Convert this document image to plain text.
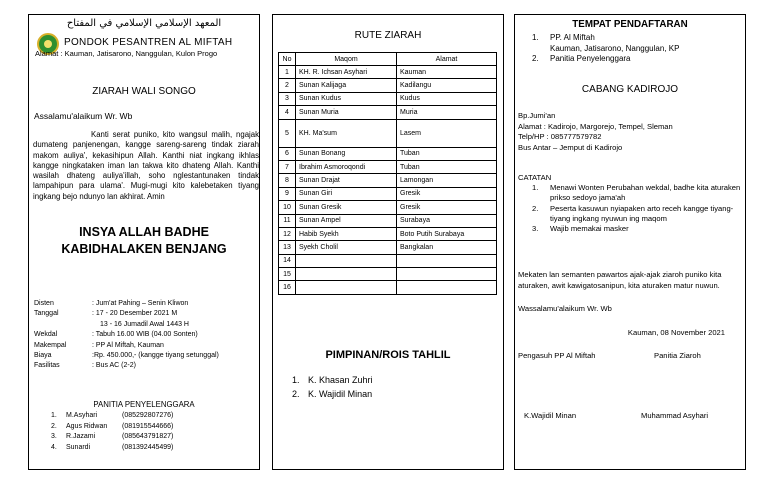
المعهد الإسلامي الإسلامي في المفتاح
PONDOK PESANTREN AL MIFTAH
Alamat : Kauman, Jatisarono, Nanggulan, Kulon Progo
ZIARAH WALI SONGO
Assalamu'alaikum Wr. Wb
Kanti serat puniko, kito wangsul malih, ngajak dumateng panjenengan, kangge sareng-sareng tindak ziarah makom auliya', kekasihipun Allah. Kanthi niat ingkang ikhlas kangge ningkataken iman lan takwa kito dhateng Allah. Kanthi wasilah dhateng auliya'illah, soho nglestantunaken tindak lampahipun para ulama'. Mugi-mugi kito kalebetaken tiyang ingkang bejo ndunyo lan akhirat. Amin
INSYA ALLAH BADHE
KABIDHALAKEN BENJANG
Disten	: Jum'at Pahing – Senin Kliwon
Tanggal	: 17 - 20 Desember 2021 M
13 - 16 Jumadil Awal 1443 H
Wekdal	: Tabuh 16.00 WIB (04.00 Sonten)
Makempal	: PP Al Miftah, Kauman
Biaya	:Rp. 450.000,- (kangge tiyang setunggal)
Fasilitas	: Bus AC (2-2)
PANITIA PENYELENGGARA
1.	M.Asyhari	(085292807276)
2.	Agus Ridwan	(081915544666)
3.	R.Jazami	(085643791827)
4.	Sunardi	(081392445499)
RUTE ZIARAH
No	Maqom	Alamat
1	KH. R. Ichsan Asyhari	Kauman
2	Sunan Kalijaga	Kadilangu
3	Sunan Kudus	Kudus
4	Sunan Muria	Muria
5	KH. Ma'sum	Lasem
6	Sunan Bonang	Tuban
7	Ibrahim Asmoroqondi	Tuban
8	Sunan Drajat	Lamongan
9	Sunan Giri	Gresik
10	Sunan Gresik	Gresik
11	Sunan Ampel	Surabaya
12	Habib Syekh	Boto Putih Surabaya
13	Syekh Cholil	Bangkalan
14		
15		
16		
PIMPINAN/ROIS TAHLIL
1. K. Khasan Zuhri
2. K. Wajidil Minan
TEMPAT PENDAFTARAN
1.	PP. Al Miftah
Kauman, Jatisarono, Nanggulan, KP
2.	Panitia Penyelenggara
CABANG KADIROJO
Bp.Jumi'an
Alamat : Kadirojo, Margorejo, Tempel, Sleman
Telp/HP : 085777579782
Bus Antar – Jemput di Kadirojo
CATATAN
1.	Menawi Wonten Perubahan wekdal, badhe kita aturaken prikso sedoyo jama'ah
2.	Peserta kasuwun nyiapaken arto receh kangge tiyang-tiyang ingkang nyuwun ing maqom
3.	Wajib memakai masker
Mekaten lan semanten pawartos ajak-ajak ziaroh puniko kita aturaken, awit kawigatosanipun, kita aturaken matur nuwun.
Wassalamu'alaikum Wr. Wb
Kauman, 08 November 2021
Pengasuh PP Al Miftah	Panitia Ziaroh
K.Wajidil Minan	Muhammad Asyhari
